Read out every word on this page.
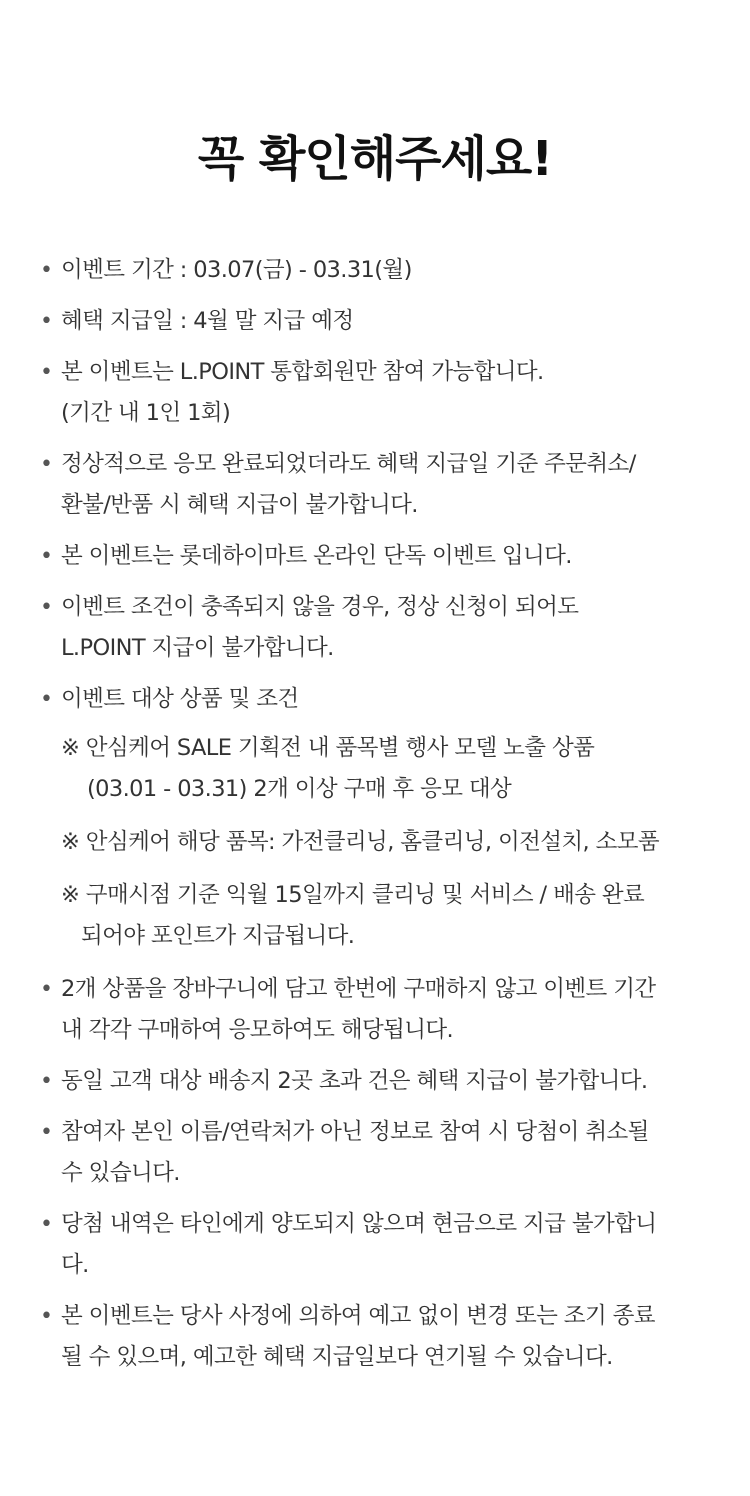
꼭 확인해주세요!
• 이벤트 기간 : 03.07(금) - 03.31(월)
• 혜택 지급일 : 4월 말 지급 예정
• 본 이벤트는 L.POINT 통합회원만 참여 가능합니다.
(기간 내 1인 1회)
• 정상적으로 응모 완료되었더라도 혜택 지급일 기준 주문취소/
환불/반품 시 혜택 지급이 불가합니다.
• 본 이벤트는 롯데하이마트 온라인 단독 이벤트 입니다.
• 이벤트 조건이 충족되지 않을 경우, 정상 신청이 되어도
L.POINT 지급이 불가합니다.
• 이벤트 대상 상품 및 조건
※ 안심케어 SALE 기획전 내 품목별 행사 모델 노출 상품
(03.01 - 03.31) 2개 이상 구매 후 응모 대상
※ 안심케어 해당 품목: 가전클리닝, 홈클리닝, 이전설치, 소모품
※ 구매시점 기준 익월 15일까지 클리닝 및 서비스 / 배송 완료
되어야 포인트가 지급됩니다.
• 2개 상품을 장바구니에 담고 한번에 구매하지 않고 이벤트 기간
내 각각 구매하여 응모하여도 해당됩니다.
• 동일 고객 대상 배송지 2곳 초과 건은 혜택 지급이 불가합니다.
• 참여자 본인 이름/연락처가 아닌 정보로 참여 시 당첨이 취소될
수 있습니다.
• 당첨 내역은 타인에게 양도되지 않으며 현금으로 지급 불가합니
다.
• 본 이벤트는 당사 사정에 의하여 예고 없이 변경 또는 조기 종료
될 수 있으며, 예고한 혜택 지급일보다 연기될 수 있습니다.
